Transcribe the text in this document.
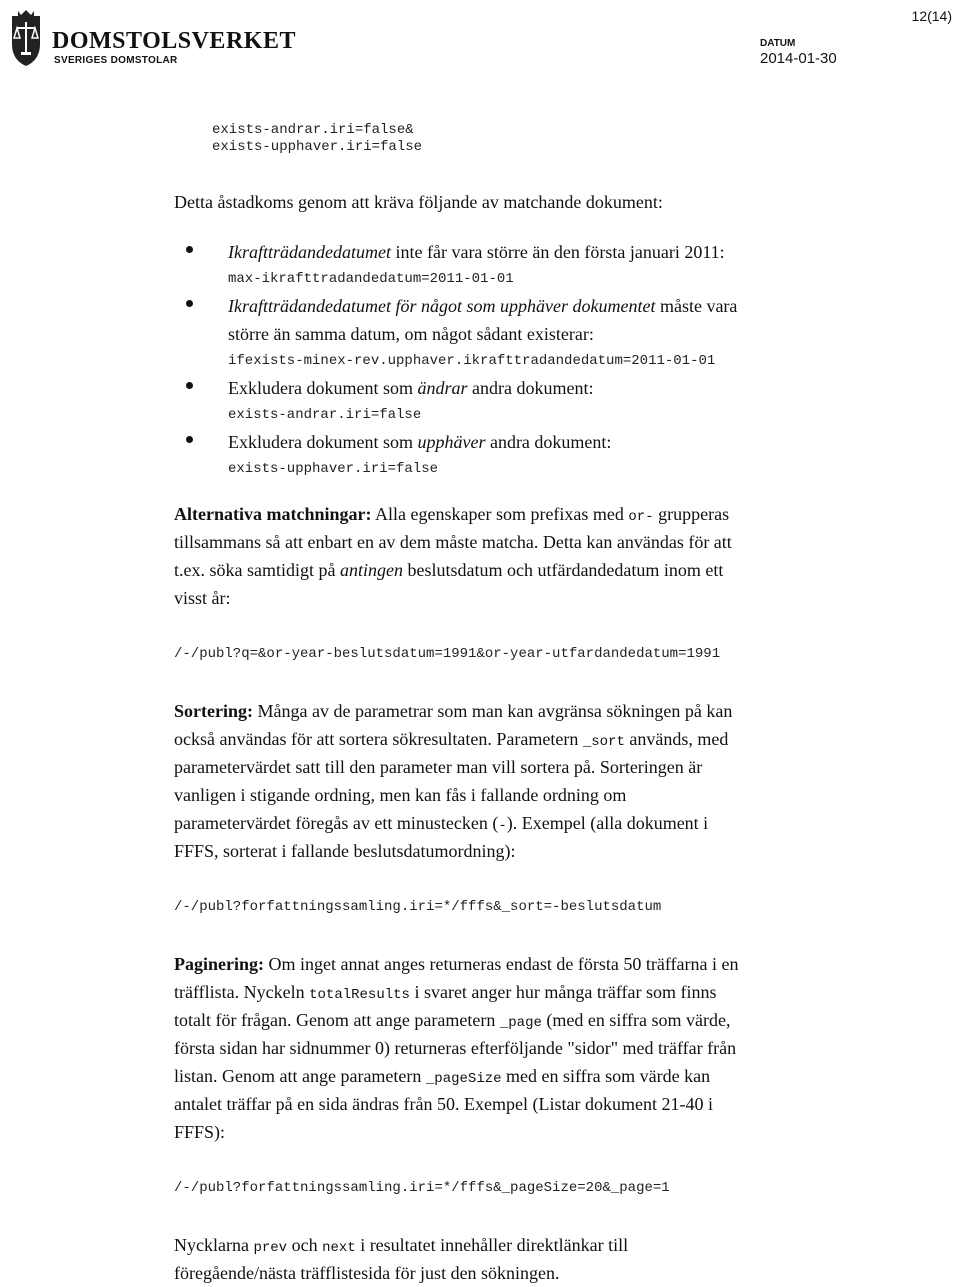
12(14)
DOMSTOLSVERKET
SVERIGES DOMSTOLAR
DATUM
2014-01-30
exists-andrar.iri=false&
exists-upphaver.iri=false
Detta åstadkoms genom att kräva följande av matchande dokument:
Ikraftträdandedatumet inte får vara större än den första januari 2011:
max-ikrafttradandedatum=2011-01-01
Ikraftträdandedatumet för något som upphäver dokumentet måste vara
större än samma datum, om något sådant existerar:
ifexists-minex-rev.upphaver.ikrafttradandedatum=2011-01-01
Exkludera dokument som ändrar andra dokument:
exists-andrar.iri=false
Exkludera dokument som upphäver andra dokument:
exists-upphaver.iri=false
Alternativa matchningar: Alla egenskaper som prefixas med or- grupperas
tillsammans så att enbart en av dem måste matcha. Detta kan användas för att
t.ex. söka samtidigt på antingen beslutsdatum och utfärdandedatum inom ett
visst år:
/-/publ?q=&or-year-beslutsdatum=1991&or-year-utfardandedatum=1991
Sortering: Många av de parametrar som man kan avgränsa sökningen på kan
också användas för att sortera sökresultaten. Parametern _sort används, med
parametervärdet satt till den parameter man vill sortera på. Sorteringen är
vanligen i stigande ordning, men kan fås i fallande ordning om
parametervärdet föregås av ett minustecken (-). Exempel (alla dokument i
FFFS, sorterat i fallande beslutsdatumordning):
/-/publ?forfattningssamling.iri=*/fffs&_sort=-beslutsdatum
Paginering: Om inget annat anges returneras endast de första 50 träffarna i en
träfflista. Nyckeln totalResults i svaret anger hur många träffar som finns
totalt för frågan. Genom att ange parametern _page (med en siffra som värde,
första sidan har sidnummer 0) returneras efterföljande "sidor" med träffar från
listan. Genom att ange parametern _pageSize med en siffra som värde kan
antalet träffar på en sida ändras från 50. Exempel (Listar dokument 21-40 i
FFFS):
/-/publ?forfattningssamling.iri=*/fffs&_pageSize=20&_page=1
Nycklarna prev och next i resultatet innehåller direktlänkar till
föregående/nästa träfflistesida för just den sökningen.
